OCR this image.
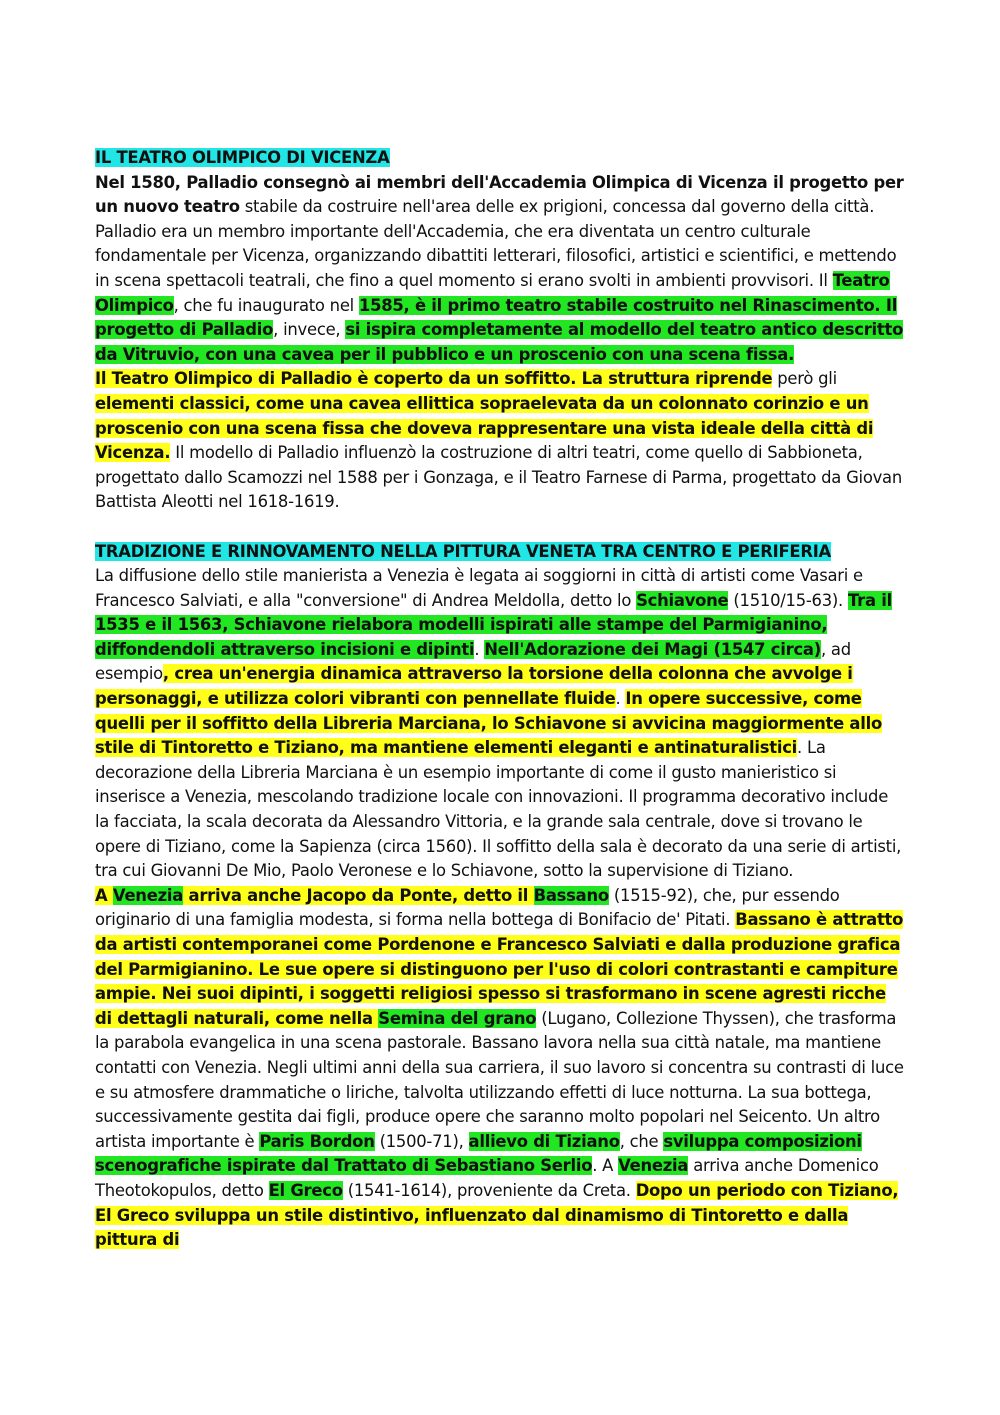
IL TEATRO OLIMPICO DI VICENZA

Nel 1580, Palladio consegnò ai membri dell'Accademia Olimpica di Vicenza il progetto per un nuovo teatro stabile da costruire nell'area delle ex prigioni, concessa dal governo della città. Palladio era un membro importante dell'Accademia, che era diventata un centro culturale fondamentale per Vicenza, organizzando dibattiti letterari, filosofici, artistici e scientifici, e mettendo in scena spettacoli teatrali, che fino a quel momento si erano svolti in ambienti provvisori. Il Teatro Olimpico, che fu inaugurato nel 1585, è il primo teatro stabile costruito nel Rinascimento. Il progetto di Palladio, invece, si ispira completamente al modello del teatro antico descritto da Vitruvio, con una cavea per il pubblico e un proscenio con una scena fissa.

Il Teatro Olimpico di Palladio è coperto da un soffitto. La struttura riprende però gli elementi classici, come una cavea ellittica sopraelevata da un colonnato corinzio e un proscenio con una scena fissa che doveva rappresentare una vista ideale della città di Vicenza. Il modello di Palladio influenzò la costruzione di altri teatri, come quello di Sabbioneta, progettato dallo Scamozzi nel 1588 per i Gonzaga, e il Teatro Farnese di Parma, progettato da Giovan Battista Aleotti nel 1618-1619.

TRADIZIONE E RINNOVAMENTO NELLA PITTURA VENETA TRA CENTRO E PERIFERIA

La diffusione dello stile manierista a Venezia è legata ai soggiorni in città di artisti come Vasari e Francesco Salviati, e alla "conversione" di Andrea Meldolla, detto lo Schiavone (1510/15-63). Tra il 1535 e il 1563, Schiavone rielabora modelli ispirati alle stampe del Parmigianino, diffondendoli attraverso incisioni e dipinti. Nell'Adorazione dei Magi (1547 circa), ad esempio, crea un'energia dinamica attraverso la torsione della colonna che avvolge i personaggi, e utilizza colori vibranti con pennellate fluide. In opere successive, come quelli per il soffitto della Libreria Marciana, lo Schiavone si avvicina maggiormente allo stile di Tintoretto e Tiziano, ma mantiene elementi eleganti e antinaturalistici. La decorazione della Libreria Marciana è un esempio importante di come il gusto manieristico si inserisce a Venezia, mescolando tradizione locale con innovazioni. Il programma decorativo include la facciata, la scala decorata da Alessandro Vittoria, e la grande sala centrale, dove si trovano le opere di Tiziano, come la Sapienza (circa 1560). Il soffitto della sala è decorato da una serie di artisti, tra cui Giovanni De Mio, Paolo Veronese e lo Schiavone, sotto la supervisione di Tiziano.

A Venezia arriva anche Jacopo da Ponte, detto il Bassano (1515-92), che, pur essendo originario di una famiglia modesta, si forma nella bottega di Bonifacio de' Pitati. Bassano è attratto da artisti contemporanei come Pordenone e Francesco Salviati e dalla produzione grafica del Parmigianino. Le sue opere si distinguono per l'uso di colori contrastanti e campiture ampie. Nei suoi dipinti, i soggetti religiosi spesso si trasformano in scene agresti ricche di dettagli naturali, come nella Semina del grano (Lugano, Collezione Thyssen), che trasforma la parabola evangelica in una scena pastorale. Bassano lavora nella sua città natale, ma mantiene contatti con Venezia. Negli ultimi anni della sua carriera, il suo lavoro si concentra su contrasti di luce e su atmosfere drammatiche o liriche, talvolta utilizzando effetti di luce notturna. La sua bottega, successivamente gestita dai figli, produce opere che saranno molto popolari nel Seicento. Un altro artista importante è Paris Bordon (1500-71), allievo di Tiziano, che sviluppa composizioni scenografiche ispirate dal Trattato di Sebastiano Serlio. A Venezia arriva anche Domenico Theotokopulos, detto El Greco (1541-1614), proveniente da Creta. Dopo un periodo con Tiziano, El Greco sviluppa un stile distintivo, influenzato dal dinamismo di Tintoretto e dalla pittura di
